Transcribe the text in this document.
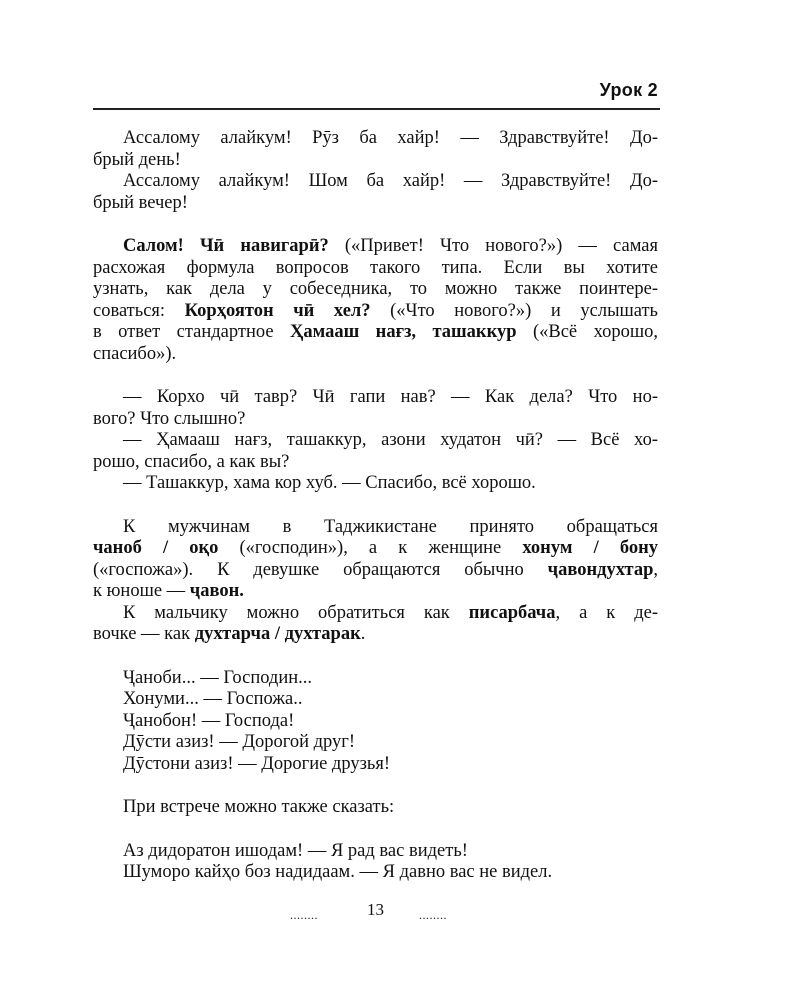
Урок 2

Ассалому алайкум! Рӯз ба хайр! — Здравствуйте! До-

брый день!

Ассалому алайкум! Шом ба хайр! — Здравствуйте! До-

брый вечер!

Салом! Чӣ навигарӣ? («Привет! Что нового?») — самая

расхожая формула вопросов такого типа. Если вы хотите

узнать, как дела у собеседника, то можно также поинтере-

соваться: Корҳоятон чӣ хел? («Что нового?») и услышать

в ответ стандартное Ҳамааш нағз, ташаккур («Всё хорошо,

спасибо»).

— Корхо чӣ тавр? Чӣ гапи нав? — Как дела? Что но-

вого? Что слышно?

— Ҳамааш нағз, ташаккур, азони худатон чӣ? — Всё хо-

рошо, спасибо, а как вы?

— Ташаккур, хама кор хуб. — Спасибо, всё хорошо.

К мужчинам в Таджикистане принято обращаться

чаноб / оқо («господин»), а к женщине хонум / бону

(«госпожа»). К девушке обращаются обычно ҷавондухтар,

к юноше — ҷавон.

К мальчику можно обратиться как писарбача, а к де-

вочке — как духтарча / духтарак.

Ҷаноби... — Господин...

Хонуми... — Госпожа..

Ҷанобон! — Господа!

Дӯсти азиз! — Дорогой друг!

Дӯстони азиз! — Дорогие друзья!

При встрече можно также сказать:

Аз дидоратон ишодам! — Я рад вас видеть!

Шуморо кайҳо боз надидаам. — Я давно вас не видел.

........	13	........
